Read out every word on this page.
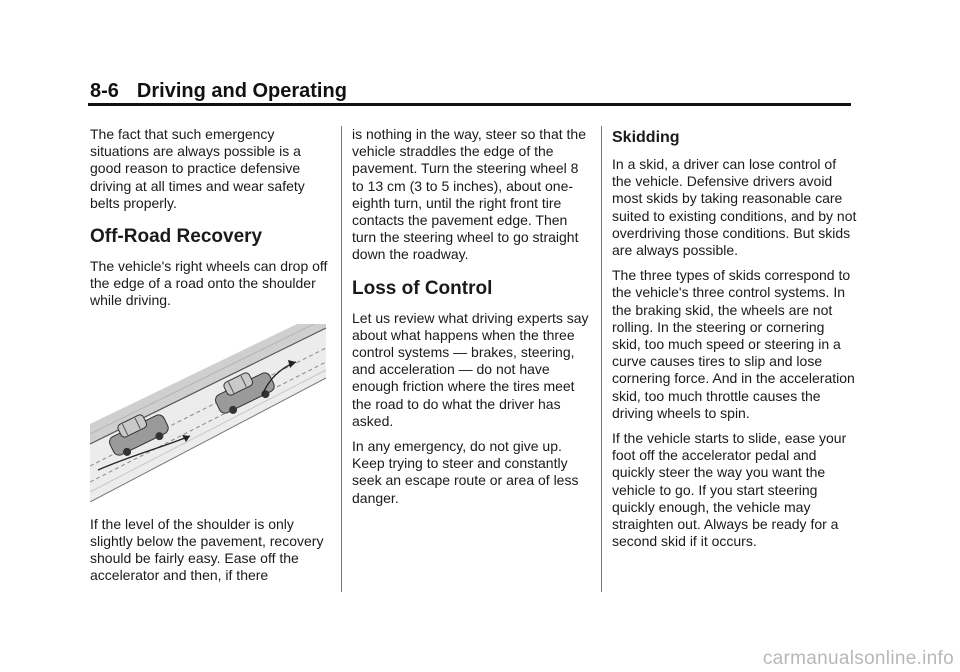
8-6 Driving and Operating

The fact that such emergency situations are always possible is a good reason to practice defensive driving at all times and wear safety belts properly.

Off-Road Recovery

The vehicle's right wheels can drop off the edge of a road onto the shoulder while driving.

If the level of the shoulder is only slightly below the pavement, recovery should be fairly easy. Ease off the accelerator and then, if there

is nothing in the way, steer so that the vehicle straddles the edge of the pavement. Turn the steering wheel 8 to 13 cm (3 to 5 inches), about one-eighth turn, until the right front tire contacts the pavement edge. Then turn the steering wheel to go straight down the roadway.

Loss of Control

Let us review what driving experts say about what happens when the three control systems — brakes, steering, and acceleration — do not have enough friction where the tires meet the road to do what the driver has asked.

In any emergency, do not give up. Keep trying to steer and constantly seek an escape route or area of less danger.

Skidding

In a skid, a driver can lose control of the vehicle. Defensive drivers avoid most skids by taking reasonable care suited to existing conditions, and by not overdriving those conditions. But skids are always possible.

The three types of skids correspond to the vehicle's three control systems. In the braking skid, the wheels are not rolling. In the steering or cornering skid, too much speed or steering in a curve causes tires to slip and lose cornering force. And in the acceleration skid, too much throttle causes the driving wheels to spin.

If the vehicle starts to slide, ease your foot off the accelerator pedal and quickly steer the way you want the vehicle to go. If you start steering quickly enough, the vehicle may straighten out. Always be ready for a second skid if it occurs.

carmanualsonline.info
